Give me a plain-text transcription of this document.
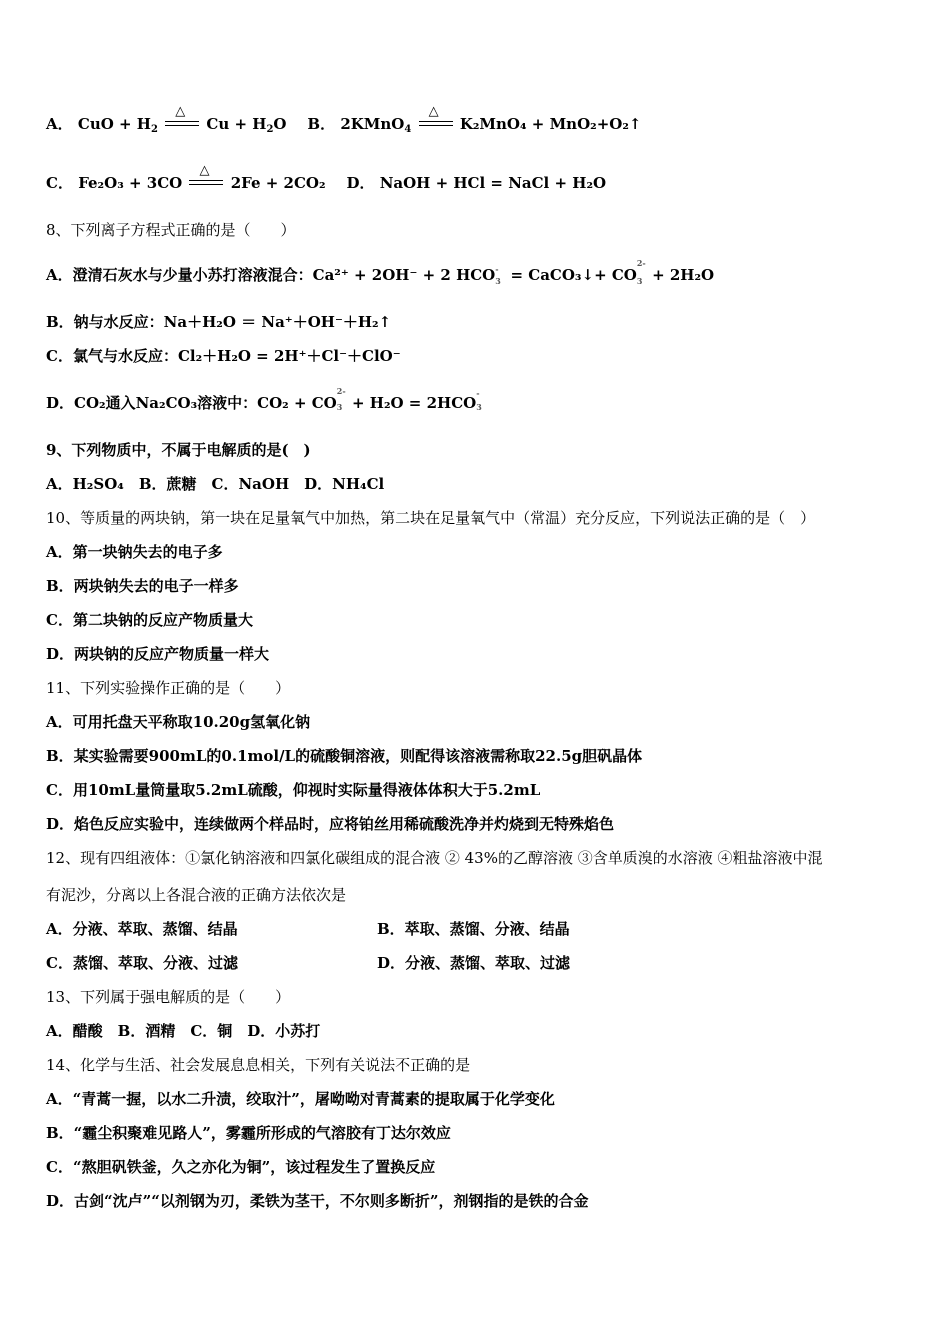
A． CuO + $H_2$
△
$Cu + H_2O$ B． 2KMnO$_4$
△
K₂MnO₄ + MnO₂+O₂↑
C． Fe₂O₃ + 3CO
△
2Fe + 2CO₂ D． NaOH + HCl = NaCl + H₂O
8、下列离子方程式正确的是（　　）
A．澄清石灰水与少量小苏打溶液混合：Ca²⁺ + 2OH⁻ + 2 HCO -
3 = CaCO₃↓+ CO
2-
3 + 2H₂O
B．钠与水反应：Na＋H₂O ＝ Na⁺＋OH⁻＋H₂↑
C．氯气与水反应：Cl₂＋H₂O = 2H⁺＋Cl⁻＋ClO⁻
D．CO₂通入Na₂CO₃溶液中：CO₂ + CO
2-
3 + H₂O = 2HCO
-
3
9、下列物质中，不属于电解质的是(　)
A．H₂SO₄　B．蔗糖　C．NaOH　D．NH₄Cl
10、等质量的两块钠，第一块在足量氧气中加热，第二块在足量氧气中（常温）充分反应，下列说法正确的是（　）
A．第一块钠失去的电子多
B．两块钠失去的电子一样多
C．第二块钠的反应产物质量大
D．两块钠的反应产物质量一样大
11、下列实验操作正确的是（　　）
A．可用托盘天平称取10.20g氢氧化钠
B．某实验需要900mL的0.1mol/L的硫酸铜溶液，则配得该溶液需称取22.5g胆矾晶体
C．用10mL量筒量取5.2mL硫酸，仰视时实际量得液体体积大于5.2mL
D．焰色反应实验中，连续做两个样品时，应将铂丝用稀硫酸洗净并灼烧到无特殊焰色
12、现有四组液体：①氯化钠溶液和四氯化碳组成的混合液 ② 43%的乙醇溶液 ③含单质溴的水溶液 ④粗盐溶液中混
有泥沙，分离以上各混合液的正确方法依次是
A．分液、萃取、蒸馏、结晶	B．萃取、蒸馏、分液、结晶
C．蒸馏、萃取、分液、过滤	D．分液、蒸馏、萃取、过滤
13、下列属于强电解质的是（　　）
A．醋酸　B．酒精　C．铜　D．小苏打
14、化学与生活、社会发展息息相关，下列有关说法不正确的是
A．“青蒿一握，以水二升渍，绞取汁”，屠呦呦对青蒿素的提取属于化学变化
B．“霾尘积聚难见路人”，雾霾所形成的气溶胶有丁达尔效应
C．“熬胆矾铁釜，久之亦化为铜”，该过程发生了置换反应
D．古剑“沈卢”“以剂钢为刃，柔铁为茎干，不尔则多断折”，剂钢指的是铁的合金
